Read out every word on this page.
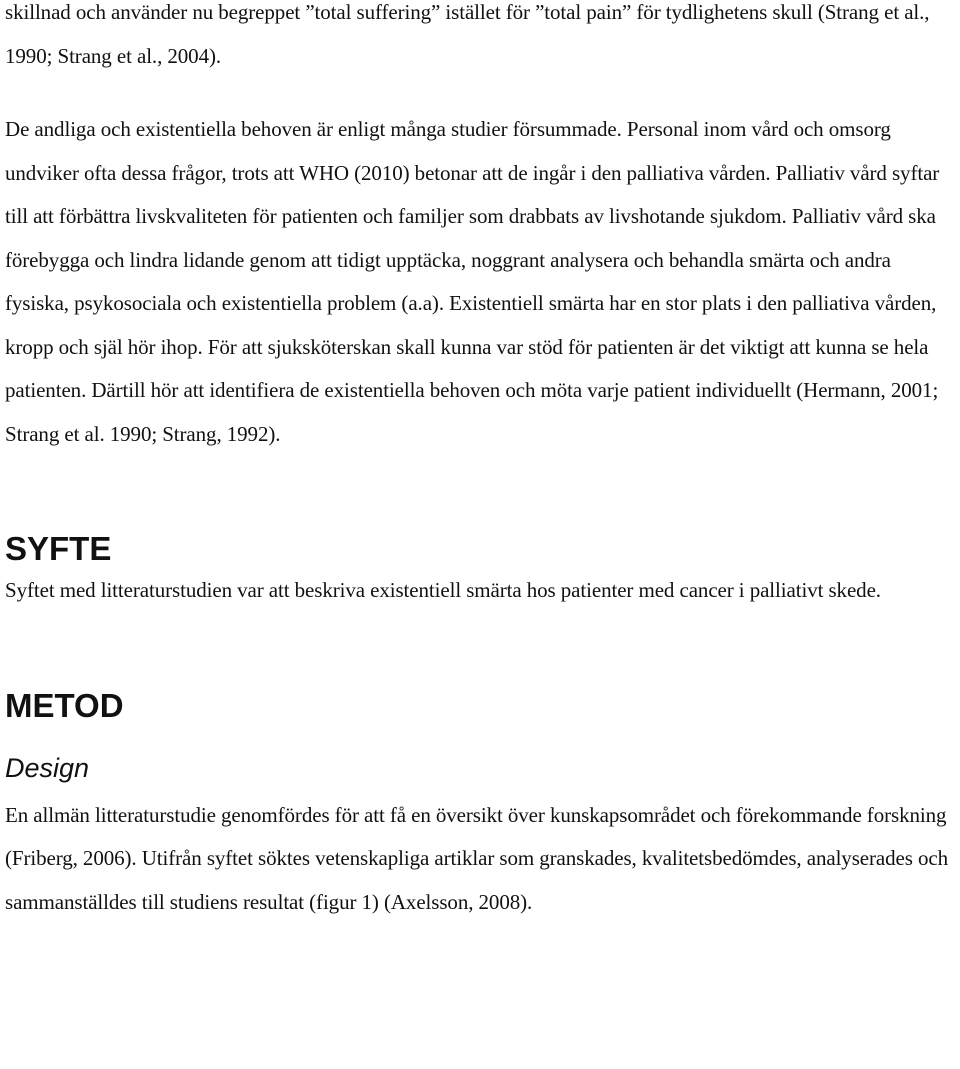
skillnad och använder nu begreppet ”total suffering” istället för ”total pain” för tydlighetens skull (Strang et al., 1990; Strang et al., 2004).

De andliga och existentiella behoven är enligt många studier försummade. Personal inom vård och omsorg undviker ofta dessa frågor, trots att WHO (2010) betonar att de ingår i den palliativa vården. Palliativ vård syftar till att förbättra livskvaliteten för patienten och familjer som drabbats av livshotande sjukdom. Palliativ vård ska förebygga och lindra lidande genom att tidigt upptäcka, noggrant analysera och behandla smärta och andra fysiska, psykosociala och existentiella problem (a.a). Existentiell smärta har en stor plats i den palliativa vården, kropp och själ hör ihop. För att sjuksköterskan skall kunna var stöd för patienten är det viktigt att kunna se hela patienten. Därtill hör att identifiera de existentiella behoven och möta varje patient individuellt (Hermann, 2001; Strang et al. 1990; Strang, 1992).

SYFTE

Syftet med litteraturstudien var att beskriva existentiell smärta hos patienter med cancer i palliativt skede.

METOD
Design

En allmän litteraturstudie genomfördes för att få en översikt över kunskapsområdet och förekommande forskning (Friberg, 2006). Utifrån syftet söktes vetenskapliga artiklar som granskades, kvalitetsbedömdes, analyserades och sammanställdes till studiens resultat (figur 1) (Axelsson, 2008).
